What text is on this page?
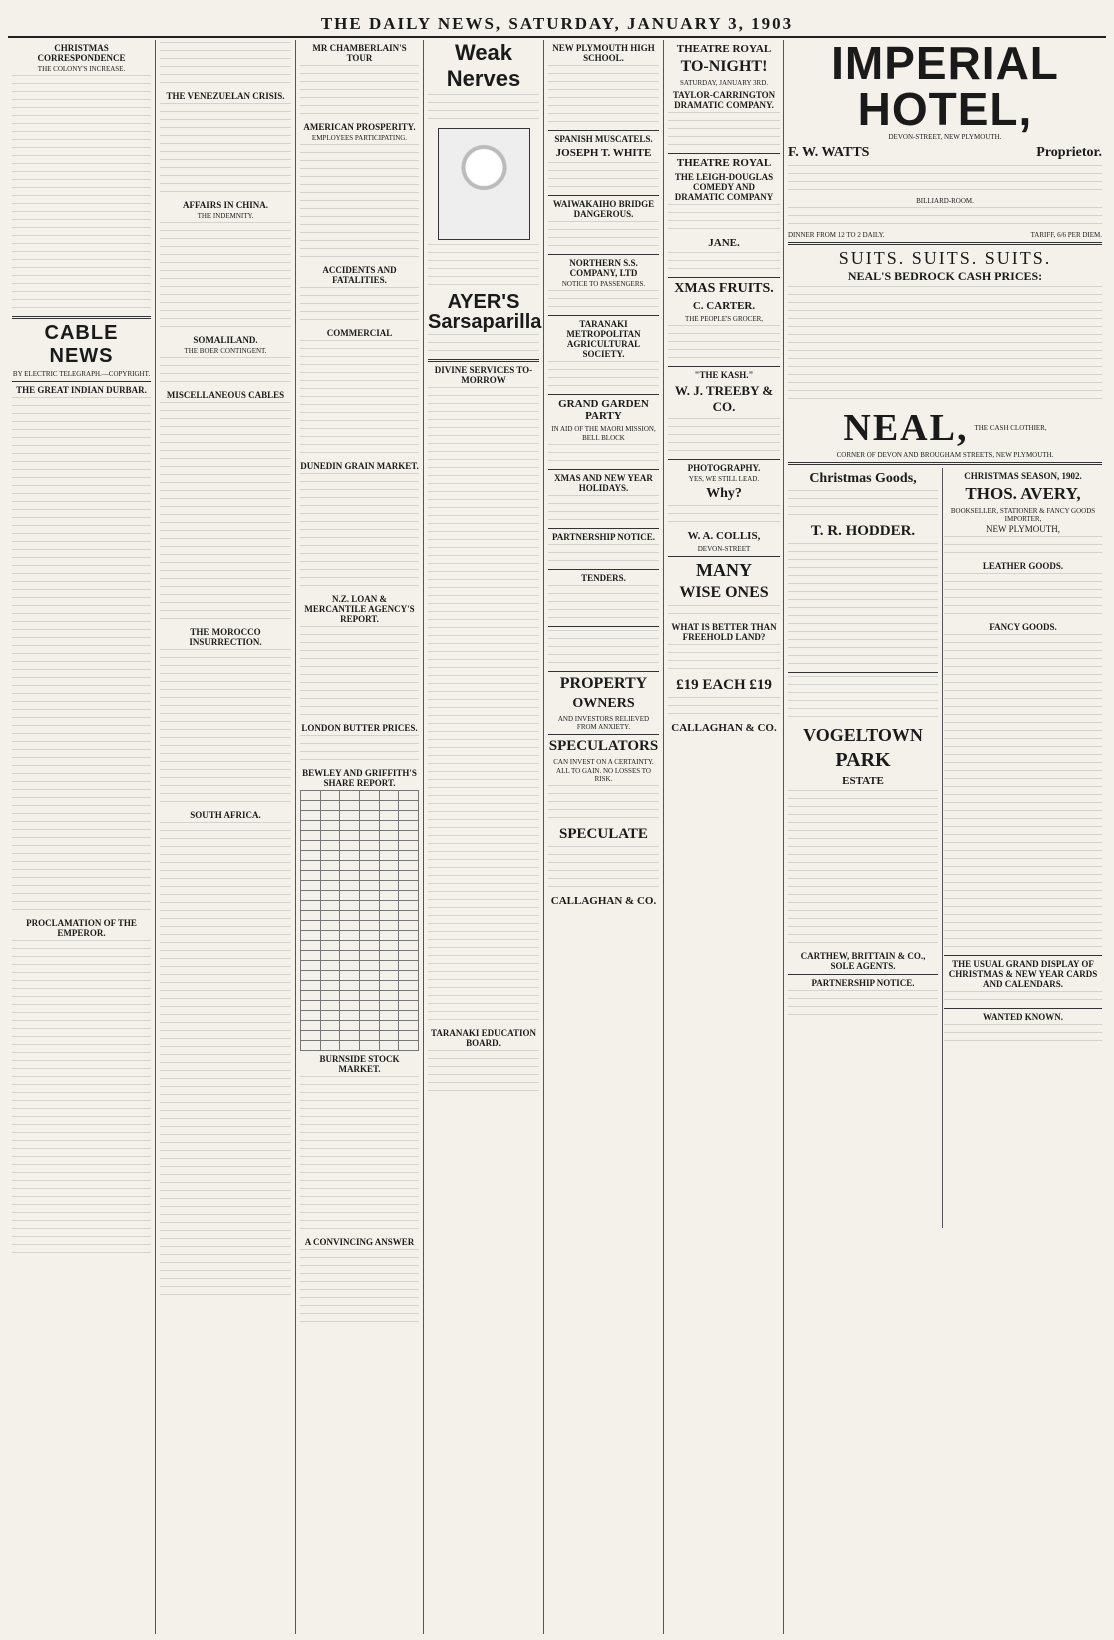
THE DAILY NEWS, SATURDAY, JANUARY 3, 1903
CHRISTMAS CORRESPONDENCE
THE COLONY'S INCREASE.
CABLE NEWS
BY ELECTRIC TELEGRAPH.—COPYRIGHT.
THE GREAT INDIAN DURBAR.
PROCLAMATION OF THE EMPEROR.
THE VENEZUELAN CRISIS.
AFFAIRS IN CHINA.
THE INDEMNITY.
SOMALILAND.
THE BOER CONTINGENT.
MISCELLANEOUS CABLES
THE MOROCCO INSURRECTION.
SOUTH AFRICA.
MR CHAMBERLAIN'S TOUR
AMERICAN PROSPERITY.
EMPLOYEES PARTICIPATING.
ACCIDENTS AND FATALITIES.
COMMERCIAL
DUNEDIN GRAIN MARKET.
N.Z. LOAN & MERCANTILE AGENCY'S REPORT.
LONDON BUTTER PRICES.
BEWLEY AND GRIFFITH'S SHARE REPORT.

BURNSIDE STOCK MARKET.
A CONVINCING ANSWER
Weak Nerves
AYER'S
Sarsaparilla
DIVINE SERVICES TO-MORROW
TARANAKI EDUCATION BOARD.
NEW PLYMOUTH HIGH SCHOOL.
SPANISH MUSCATELS.
JOSEPH T. WHITE
WAIWAKAIHO BRIDGE DANGEROUS.
NORTHERN S.S. COMPANY, LTD
NOTICE TO PASSENGERS.
TARANAKI METROPOLITAN AGRICULTURAL SOCIETY.
GRAND GARDEN PARTY
IN AID OF THE MAORI MISSION,
BELL BLOCK
XMAS AND NEW YEAR HOLIDAYS.
PARTNERSHIP NOTICE.
TENDERS.
PROPERTY
OWNERS
AND INVESTORS RELIEVED FROM ANXIETY.
SPECULATORS
CAN INVEST ON A CERTAINTY.
ALL TO GAIN. NO LOSSES TO RISK.
SPECULATE
CALLAGHAN & CO.
THEATRE ROYAL
TO-NIGHT!
SATURDAY, JANUARY 3RD.
TAYLOR-CARRINGTON DRAMATIC COMPANY.
THEATRE ROYAL
THE LEIGH-DOUGLAS COMEDY AND DRAMATIC COMPANY
JANE.
XMAS FRUITS.
C. CARTER.
THE PEOPLE'S GROCER,
"THE KASH."
W. J. TREEBY & CO.
PHOTOGRAPHY.
YES, WE STILL LEAD.
Why?
W. A. COLLIS,
DEVON-STREET
MANY
WISE ONES
WHAT IS BETTER THAN FREEHOLD LAND?
£19 EACH £19
CALLAGHAN & CO.
IMPERIAL HOTEL,
DEVON-STREET, NEW PLYMOUTH.
F. W. WATTS	Proprietor.
BILLIARD-ROOM.
DINNER FROM 12 TO 2 DAILY.	TARIFF, 6/6 PER DIEM.
SUITS. SUITS. SUITS.
NEAL'S BEDROCK CASH PRICES:
NEAL, THE CASH CLOTHIER,
CORNER OF DEVON AND BROUGHAM STREETS, NEW PLYMOUTH.
Christmas Goods,
T. R. HODDER.
VOGELTOWN
PARK
ESTATE
CARTHEW, BRITTAIN & CO., SOLE AGENTS.
PARTNERSHIP NOTICE.
CHRISTMAS SEASON, 1902.
THOS. AVERY,
BOOKSELLER, STATIONER & FANCY GOODS IMPORTER,
NEW PLYMOUTH,
LEATHER GOODS.
FANCY GOODS.
THE USUAL GRAND DISPLAY OF CHRISTMAS & NEW YEAR CARDS AND CALENDARS.
WANTED KNOWN.
